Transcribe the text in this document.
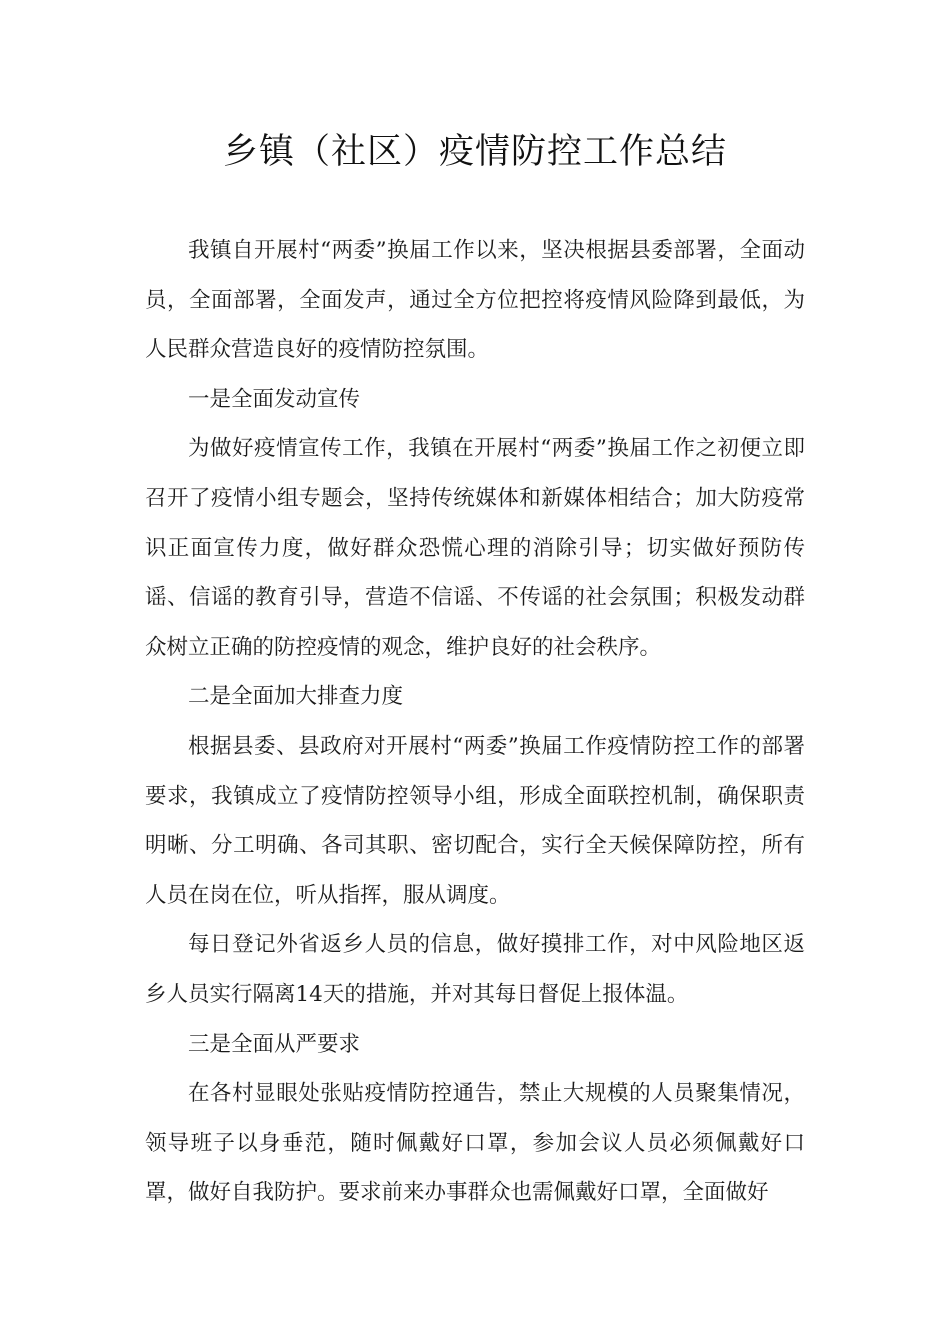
乡镇（社区）疫情防控工作总结

我镇自开展村“两委”换届工作以来，坚决根据县委部署，全面动员，全面部署，全面发声，通过全方位把控将疫情风险降到最低，为人民群众营造良好的疫情防控氛围。

一是全面发动宣传

为做好疫情宣传工作，我镇在开展村“两委”换届工作之初便立即召开了疫情小组专题会，坚持传统媒体和新媒体相结合；加大防疫常识正面宣传力度，做好群众恐慌心理的消除引导；切实做好预防传谣、信谣的教育引导，营造不信谣、不传谣的社会氛围；积极发动群众树立正确的防控疫情的观念，维护良好的社会秩序。

二是全面加大排查力度

根据县委、县政府对开展村“两委”换届工作疫情防控工作的部署要求，我镇成立了疫情防控领导小组，形成全面联控机制，确保职责明晰、分工明确、各司其职、密切配合，实行全天候保障防控，所有人员在岗在位，听从指挥，服从调度。

每日登记外省返乡人员的信息，做好摸排工作，对中风险地区返乡人员实行隔离14天的措施，并对其每日督促上报体温。

三是全面从严要求

在各村显眼处张贴疫情防控通告，禁止大规模的人员聚集情况，领导班子以身垂范，随时佩戴好口罩，参加会议人员必须佩戴好口罩，做好自我防护。要求前来办事群众也需佩戴好口罩，全面做好
